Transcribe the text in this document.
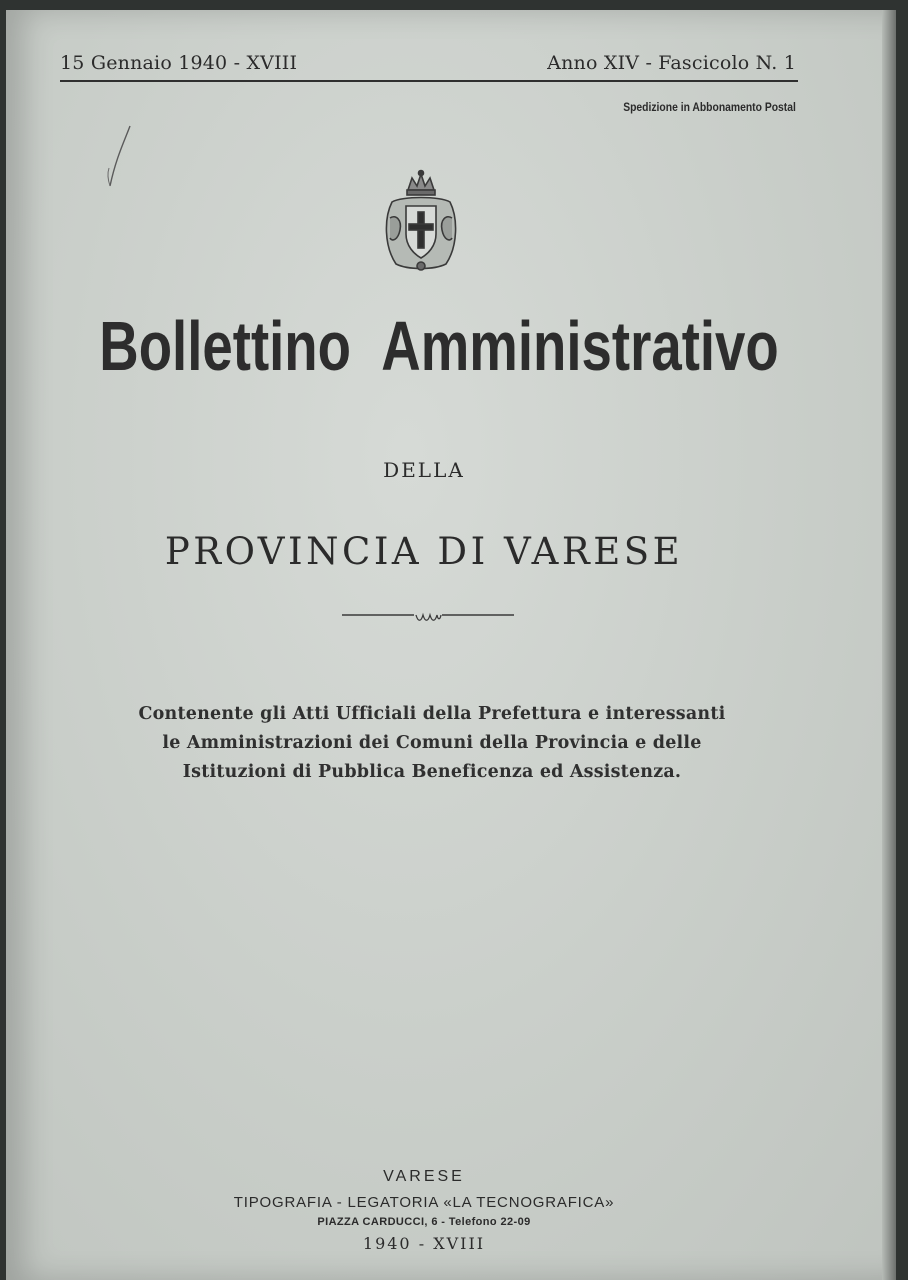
15 Gennaio 1940 - XVIII	Anno XIV - Fascicolo N. 1
Spedizione in Abbonamento Postal
Bollettino Amministrativo
DELLA
PROVINCIA DI VARESE
Contenente gli Atti Ufficiali della Prefettura e interessanti
le Amministrazioni dei Comuni della Provincia e delle
Istituzioni di Pubblica Beneficenza ed Assistenza.
VARESE
TIPOGRAFIA - LEGATORIA «LA TECNOGRAFICA»
PIAZZA CARDUCCI, 6 - Telefono 22-09
1940 - XVIII
